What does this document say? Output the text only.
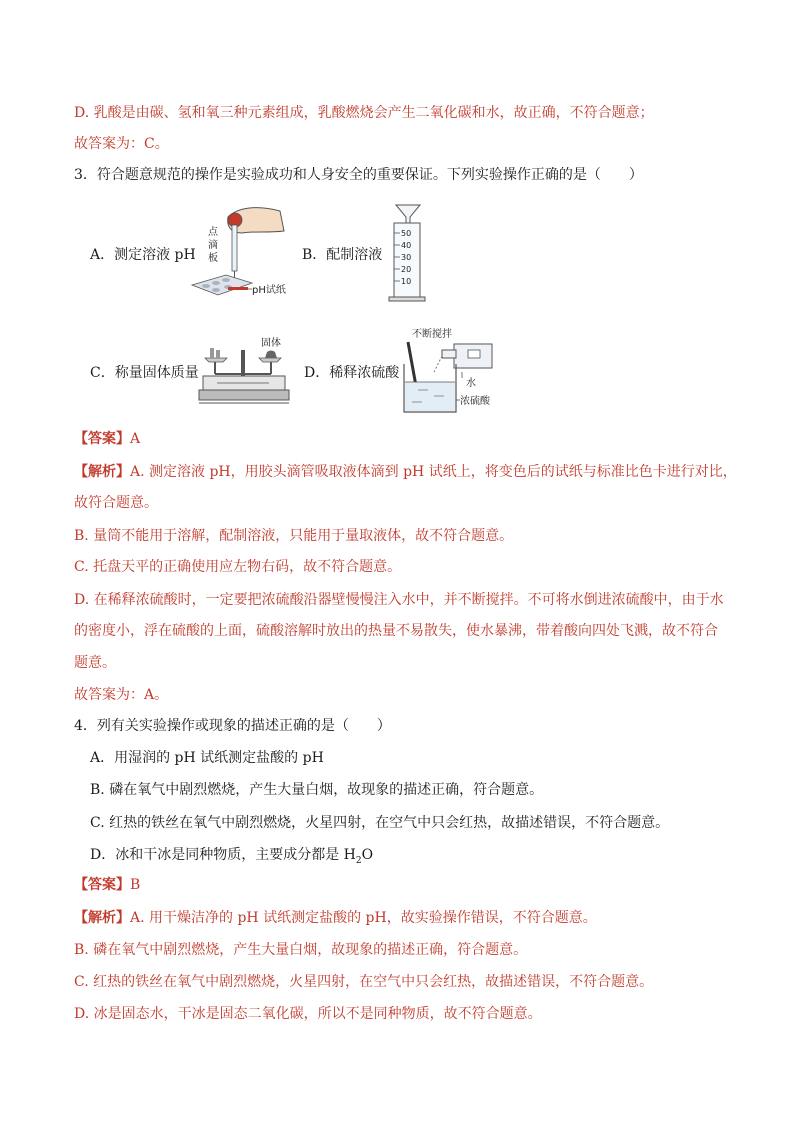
D. 乳酸是由碳、氢和氧三种元素组成，乳酸燃烧会产生二氧化碳和水，故正确，不符合题意；
故答案为：C。
3．符合题意规范的操作是实验成功和人身安全的重要保证。下列实验操作正确的是（　　）
A．测定溶液 pH
点
滴
板
pH试纸
B．配制溶液
50
40
30
20
10
C．称量固体质量
固体
D．稀释浓硫酸
不断搅拌
水
浓硫酸
【答案】A
【解析】A. 测定溶液 pH，用胶头滴管吸取液体滴到 pH 试纸上，将变色后的试纸与标准比色卡进行对比，
故符合题意。
B. 量筒不能用于溶解，配制溶液，只能用于量取液体，故不符合题意。
C. 托盘天平的正确使用应左物右码，故不符合题意。
D. 在稀释浓硫酸时，一定要把浓硫酸沿器壁慢慢注入水中，并不断搅拌。不可将水倒进浓硫酸中，由于水
的密度小，浮在硫酸的上面，硫酸溶解时放出的热量不易散失，使水暴沸，带着酸向四处飞溅，故不符合
题意。
故答案为：A。
4．列有关实验操作或现象的描述正确的是（　　）
A．用湿润的 pH 试纸测定盐酸的 pH
B. 磷在氧气中剧烈燃烧，产生大量白烟，故现象的描述正确，符合题意。
C. 红热的铁丝在氧气中剧烈燃烧，火星四射，在空气中只会红热，故描述错误，不符合题意。
D．冰和干冰是同种物质，主要成分都是 $H_2O$
【答案】B
【解析】A. 用干燥洁净的 pH 试纸测定盐酸的 pH，故实验操作错误，不符合题意。
B. 磷在氧气中剧烈燃烧，产生大量白烟，故现象的描述正确，符合题意。
C. 红热的铁丝在氧气中剧烈燃烧，火星四射，在空气中只会红热，故描述错误，不符合题意。
D. 冰是固态水，干冰是固态二氧化碳，所以不是同种物质，故不符合题意。
